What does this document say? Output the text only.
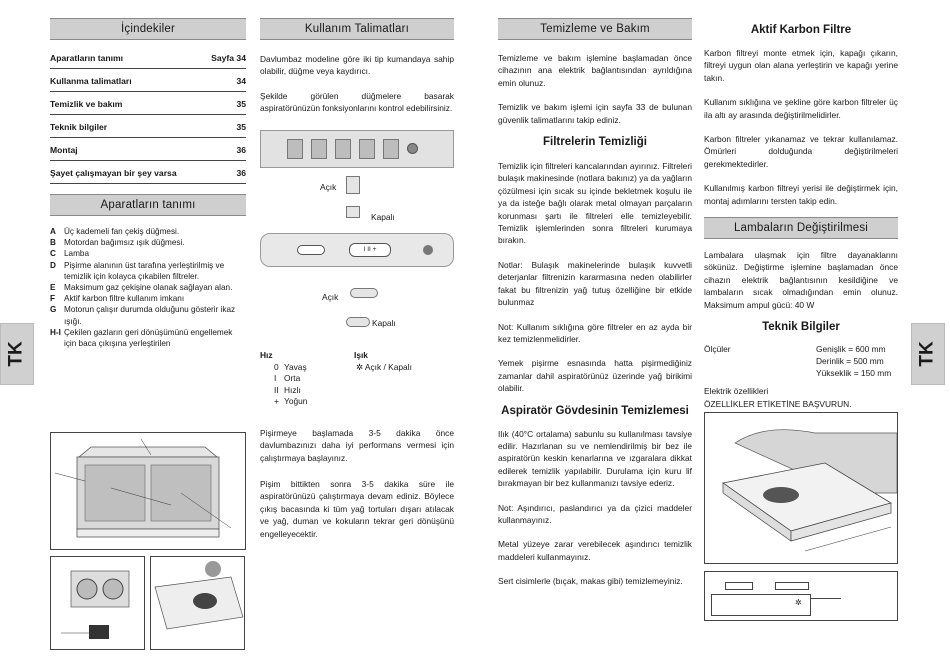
İçindekiler
Aparatların tanımı	Sayfa 34
Kullanma talimatları	34
Temizlik ve bakım	35
Teknik bilgiler	35
Montaj	36
Şayet çalışmayan bir şey varsa	36
Aparatların tanımı
A Üç kademeli fan çekiş düğmesi.
B Motordan bağımsız ışık düğmesi.
C Lamba
D Pişirme alanının üst tarafına yerleştirilmiş ve temizlik için kolayca çıkabilen filtreler.
E	Maksimum gaz çekişine olanak sağlayan alan.
F	Aktif karbon filtre kullanım imkanı
G Motorun çalışır durumda olduğunu gösterir ikaz ışığı.
H-I Çekilen gazların geri dönüşümünü engellemek için baca çıkışına yerleştirilen
Kullanım Talimatları

Davlumbaz modeline göre iki tip kumandaya sahip olabilir, düğme veya kaydırıcı.

Şekilde görülen düğmelere basarak aspiratörünüzün fonksiyonlarını kontrol edebilirsiniz.

Açık
Kapalı
I II +
Açık
Kapalı
Hız
0 Yavaş
I Orta
II Hızlı
+ Yoğun
Işık
✲ Açık / Kapalı

Pişirmeye başlamada 3-5 dakika önce davlumbazınızı daha iyi performans vermesi için çalıştırmaya başlayınız.

Pişim bittikten sonra 3-5 dakika süre ile aspiratörünüzü çalıştırmaya devam ediniz. Böylece çıkış bacasında ki tüm yağ tortuları dışarı atılacak ve yağ, duman ve kokuların tekrar geri dönüşünü engelleyecektir.

TK	TK
Temizleme ve Bakım

Temizleme ve bakım işlemine başlamadan önce cihazının ana elektrik bağlantısından ayrıldığına emin olunuz.

Temizlik ve bakım işlemi için sayfa 33 de bulunan güvenlik talimatlarını takip ediniz.

Filtrelerin Temizliği

Temizlik için filtreleri kancalarından ayırınız. Filtreleri bulaşık makinesinde (notlara bakınız) ya da yağların çözülmesi için sıcak su içinde bekletmek koşulu ile ya da isteğe bağlı olarak metal olmayan parçaların korunması şartı ile filtreleri elle temizleyebilir. Temizlik işlemlerinden sonra filtreleri kurumaya bırakın.

Notlar: Bulaşık makinelerinde bulaşık kuvvetli deterjanlar filtrenizin kararmasına neden olabilirler fakat bu filtrenizin yağ tutuş özelliğine bir etkide bulunmaz

Not: Kullanım sıklığına göre filtreler en az ayda bir kez temizlenmelidirler.

Yemek pişirme esnasında hatta pişirmediğiniz zamanlar dahil aspiratörünüz üzerinde yağ birikimi olabilir.

Aspiratör Gövdesinin Temizlemesi

Ilık (40°C ortalama) sabunlu su kullanılması tavsiye edilir. Hazırlanan su ve nemlendirilmiş bir bez ile aspiratörün keskin kenarlarına ve ızgaralara dikkat edilerek temizlik yapılabilir. Durulama için kuru lif bırakmayan bir bez kullanmanızı tavsiye ederiz.

Not: Aşındırıcı, paslandırıcı ya da çizici maddeler kullanmayınız.

Metal yüzeye zarar verebilecek aşındırıcı temizlik maddeleri kullanmayınız.

Sert cisimlerle (bıçak, makas gibi) temizlemeyiniz.

Aktif Karbon Filtre

Karbon filtreyi monte etmek için, kapağı çıkarın, filtreyi uygun olan alana yerleştirin ve kapağı yerine takın.

Kullanım sıklığına ve şekline göre karbon filtreler üç ila altı ay arasında değiştirilmelidirler.

Karbon filtreler yıkanamaz ve tekrar kullanılamaz. Ömürleri dolduğunda değiştirilmeleri gerekmektedirler.

Kullanılmış karbon filtreyi yerisi ile değiştirmek için, montaj adımlarını tersten takip edin.

Lambaların Değiştirilmesi

Lambalara ulaşmak için filtre dayanaklarını sökünüz. Değiştirme işlemine başlamadan önce cihazın elektrik bağlantısının kesildiğine ve lambaların sıcak olmadığından emin olunuz. Maksimum ampul gücü: 40 W

Teknik Bilgiler
Ölçüler	Genişlik = 600 mm
Derinlik = 500 mm
Yükseklik = 150 mm

Elektrik özellikleri

ÖZELLİKLER ETİKETİNE BAŞVURUN.

✲
